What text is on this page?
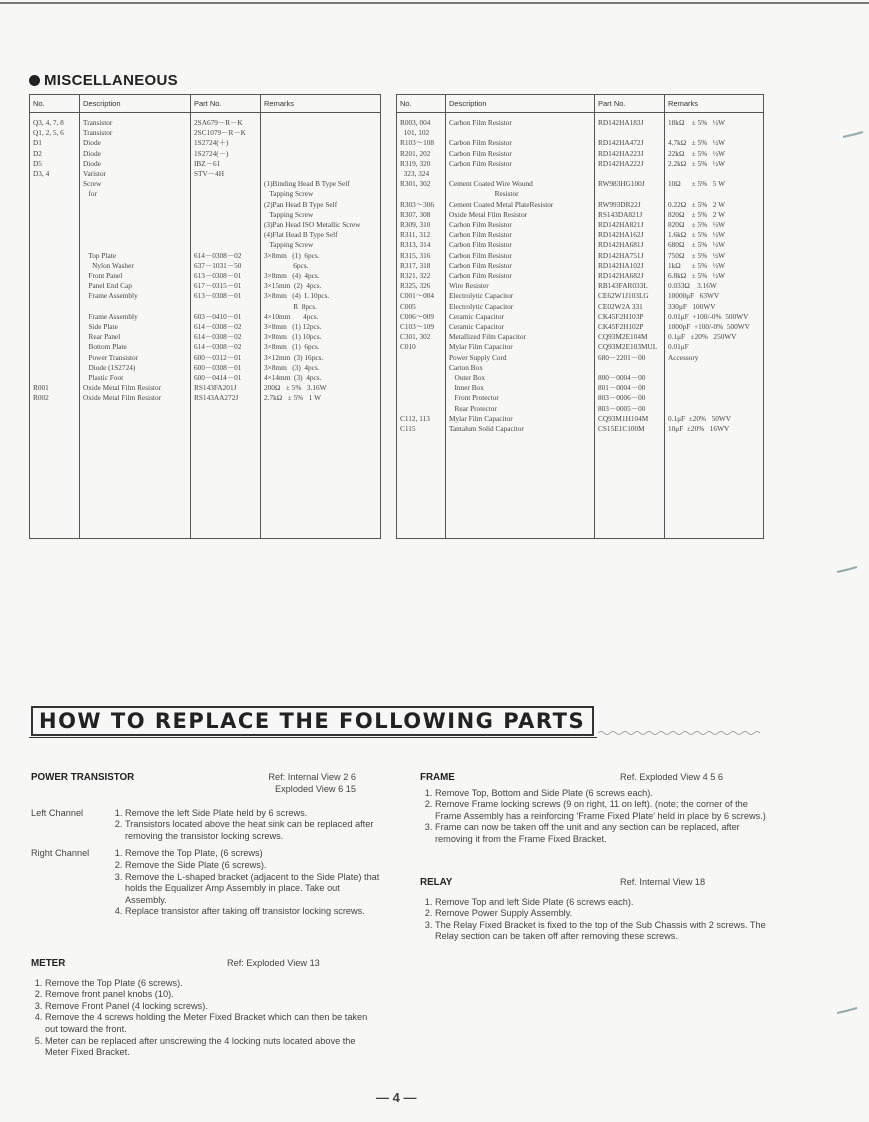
MISCELLANEOUS
No.	Description	Part No.	Remarks
Q3, 4, 7, 8	Transistor	2SA679－R－K	
Q1, 2, 5, 6	Transistor	2SC1079－R－K	
D1	Diode	1S2724(＋)	
D2	Diode	1S2724(－)	
D5	Diode	IBZ－61	
D3, 4	Varistor	STV－4H	
	Screw		(1)Binding Head B Type Self
	for		Tapping Screw
			(2)Pan Head B Type Self
			Tapping Screw
			(3)Pan Head ISO Metallic Screw
			(4)Flat Head B Type Self
			Tapping Screw
	Top Plate	614－0308－02	3×8mm   (1)  6pcs.
	Nylon Washer	637－1031－50	6pcs.
	Front Panel	613－0308－01	3×8mm   (4)  4pcs.
	Panel End Cap	617－0315－01	3×15mm  (2)  4pcs.
	Frame Assembly	613－0308－01	3×8mm   (4)  L 10pcs.
			R  8pcs.
	Frame Assembly	603－0410－01	4×10mm       4pcs.
	Side Plate	614－0308－02	3×8mm   (1) 12pcs.
	Rear Panel	614－0308－02	3×8mm   (1) 10pcs.
	Bottom Plate	614－0308－02	3×8mm   (1)  6pcs.
	Power Transistor	600－0312－01	3×12mm  (3) 16pcs.
	Diode (1S2724)	600－0308－01	3×8mm   (3)  4pcs.
	Plastic Foot	600－0414－01	4×14mm  (3)  4pcs.
R001	Oxide Metal Film Resistor	RS143FA201J	200Ω   ± 5%   3.16W
R002	Oxide Metal Film Resistor	RS143AA272J	2.7kΩ   ± 5%   1 W

No.	Description	Part No.	Remarks
R003, 004	Carbon Film Resistor	RD142HA183J	18kΩ    ± 5%   ½W
101, 102			
R103～108	Carbon Film Resistor	RD142HA472J	4.7kΩ   ± 5%   ½W
R201, 202	Carbon Film Resistor	RD142HA223J	22kΩ    ± 5%   ½W
R319, 320	Carbon Film Resistor	RD142HA222J	2.2kΩ   ± 5%   ½W
323, 324			
R301, 302	Cement Coated Wire Wound	RW983HG100J	10Ω      ± 5%   5 W
	Resistor		
R303～306	Cement Coated Metal PlateResistor	RW993DR22J	0.22Ω   ± 5%   2 W
R307, 308	Oxide Metal Film Resistor	RS143DA821J	820Ω    ± 5%   2 W
R309, 310	Carbon Film Resistor	RD142HA821J	820Ω    ± 5%   ½W
R311, 312	Carbon Film Resistor	RD142HA162J	1.6kΩ   ± 5%   ½W
R313, 314	Carbon Film Resistor	RD142HA681J	680Ω    ± 5%   ½W
R315, 316	Carbon Film Resistor	RD142HA751J	750Ω    ± 5%   ½W
R317, 318	Carbon Film Resistor	RD142HA102J	1kΩ      ± 5%   ½W
R321, 322	Carbon Film Resistor	RD142HA682J	6.8kΩ   ± 5%   ½W
R325, 326	Wire Resister	RB143FAR033L	0.033Ω    3.16W
C001～004	Electrolytic Capacitor	CE62W1J103LG	10000μF   63WV
C005	Electrolytic Capacitor	CE02W2A 331	330μF   100WV
C006～009	Ceramic Capacitor	CK45F2H103P	0.01μF  +100/-0%  500WV
C103～109	Ceramic Capacitor	CK45F2H102P	1000pF  +100/-0%  500WV
C301, 302	Metallized Film Capacitor	CQ93M2E104M	0.1μF   ±20%   250WV
C010	Mylar Film Capacitor	CQ93M2E103MUL	0.01μF
	Power Supply Cord	680－2201－00	Accessory
	Carton Box		
	Outer Box	800－0004－00	
	Inner Box	801－0004－00	
	Front Protector	803－0006－00	
	Rear Protector	803－0005－00	
C112, 113	Mylar Film Capacitor	CQ93M1H104M	0.1μF  ±20%   50WV
C115	Tantalum Solid Capacitor	CS15E1C100M	10μF  ±20%   16WV

HOW TO REPLACE THE FOLLOWING PARTS
POWER TRANSISTOR	Ref: Internal View 2 6
Exploded View 6 15
Left Channel	1. Remove the left Side Plate held by 6 screws.
2. Transistors located above the heat sink can be replaced after removing the transistor locking screws.
Right Channel	1. Remove the Top Plate, (6 screws)
2. Remove the Side Plate (6 screws).
3. Remove the L-shaped bracket (adjacent to the Side Plate) that holds the Equalizer Amp Assembly in place. Take out Assembly.
4. Replace transistor after taking off transistor locking screws.
METER	Ref: Exploded View 13
1. Remove the Top Plate (6 screws).
2. Remove front panel knobs (10).
3. Remove Front Panel (4 locking screws).
4. Remove the 4 screws holding the Meter Fixed Bracket which can then be taken out toward the front.
5. Meter can be replaced after unscrewing the 4 locking nuts located above the Meter Fixed Bracket.
FRAME	Ref. Exploded View 4 5 6
1. Remove Top, Bottom and Side Plate (6 screws each).
2. Remove Frame locking screws (9 on right, 11 on left). (note; the corner of the Frame Assembly has a reinforcing 'Frame Fixed Plate' held in place by 6 screws.)
3. Frame can now be taken off the unit and any section can be replaced, after removing it from the Frame Fixed Bracket.
RELAY	Ref. Internal View 18
1. Remove Top and left Side Plate (6 screws each).
2. Remove Power Supply Assembly.
3. The Relay Fixed Bracket is fixed to the top of the Sub Chassis with 2 screws. The Relay section can be taken off after removing these screws.
— 4 —
